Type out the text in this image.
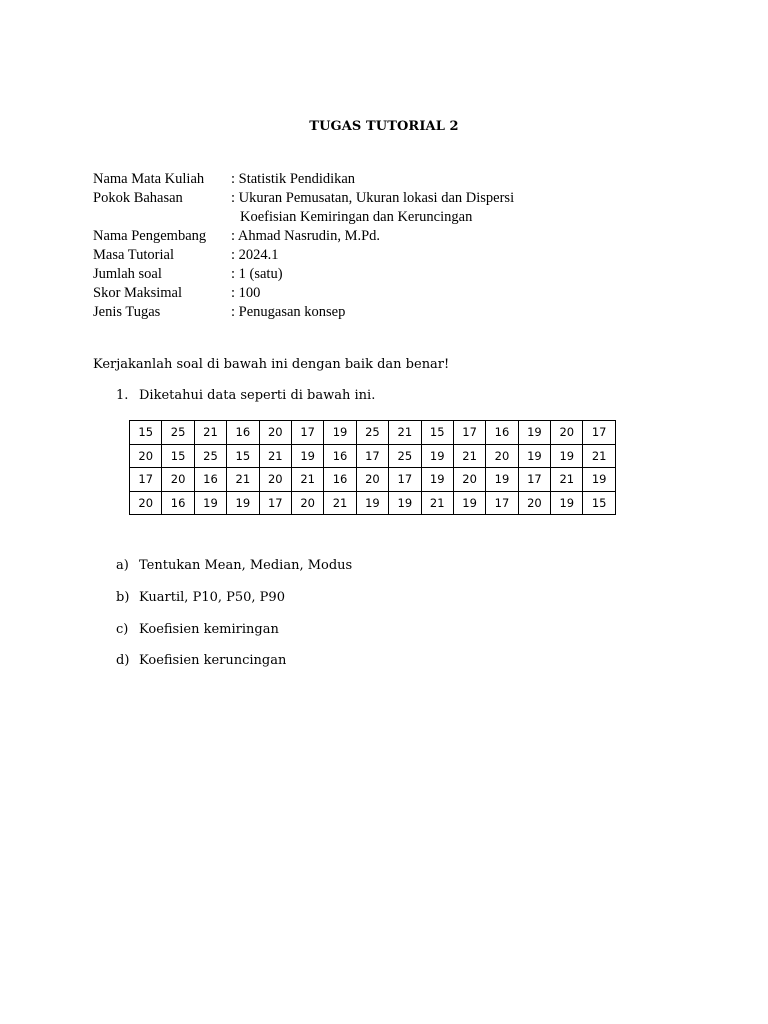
TUGAS TUTORIAL 2
Nama Mata Kuliah	: Statistik Pendidikan
Pokok Bahasan	: Ukuran Pemusatan, Ukuran lokasi dan Dispersi
Koefisian Kemiringan dan Keruncingan
Nama Pengembang	: Ahmad Nasrudin, M.Pd.
Masa Tutorial	: 2024.1
Jumlah soal	: 1 (satu)
Skor Maksimal	: 100
Jenis Tugas	: Penugasan konsep
Kerjakanlah soal di bawah ini dengan baik dan benar!
1. Diketahui data seperti di bawah ini.
15	25	21	16	20	17	19	25	21	15	17	16	19	20	17
20	15	25	15	21	19	16	17	25	19	21	20	19	19	21
17	20	16	21	20	21	16	20	17	19	20	19	17	21	19
20	16	19	19	17	20	21	19	19	21	19	17	20	19	15
a) Tentukan Mean, Median, Modus
b) Kuartil, P10, P50, P90
c) Koefisien kemiringan
d) Koefisien keruncingan
